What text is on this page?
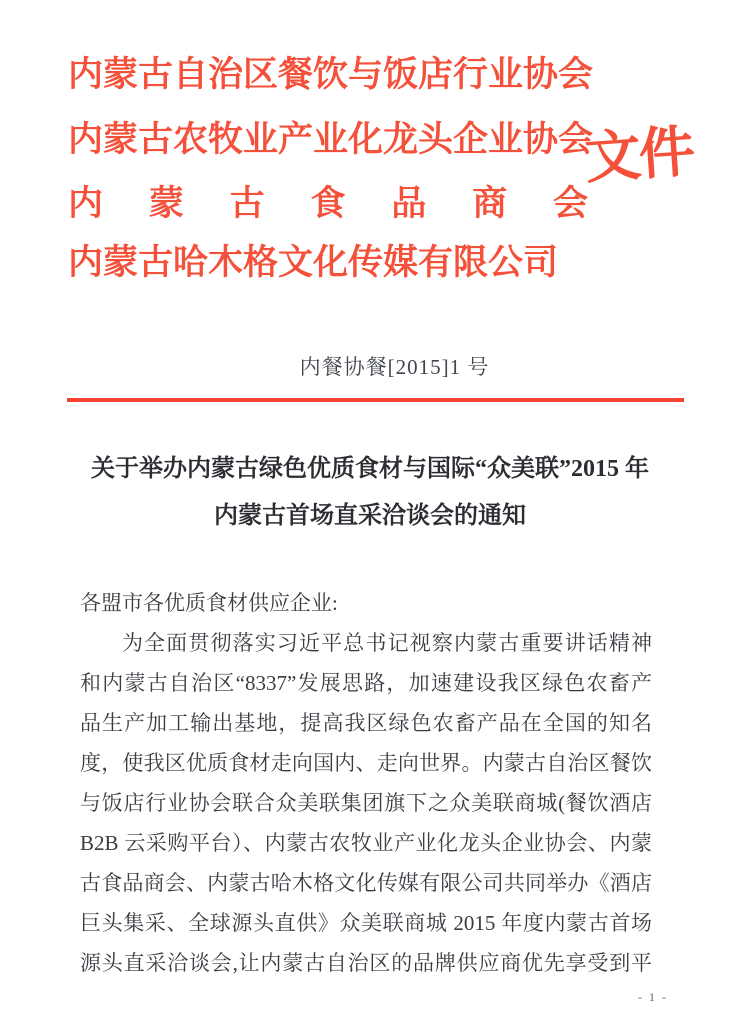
内蒙古自治区餐饮与饭店行业协会
内蒙古农牧业产业化龙头企业协会
内蒙古食品商会
内蒙古哈木格文化传媒有限公司
文件
内餐协餐[2015]1 号
关于举办内蒙古绿色优质食材与国际“众美联”2015 年
内蒙古首场直采洽谈会的通知
各盟市各优质食材供应企业:
为全面贯彻落实习近平总书记视察内蒙古重要讲话精神
和内蒙古自治区“8337”发展思路，加速建设我区绿色农畜产
品生产加工输出基地，提高我区绿色农畜产品在全国的知名
度，使我区优质食材走向国内、走向世界。内蒙古自治区餐饮
与饭店行业协会联合众美联集团旗下之众美联商城(餐饮酒店
B2B 云采购平台）、内蒙古农牧业产业化龙头企业协会、内蒙
古食品商会、内蒙古哈木格文化传媒有限公司共同举办《酒店
巨头集采、全球源头直供》众美联商城 2015 年度内蒙古首场
源头直采洽谈会,让内蒙古自治区的品牌供应商优先享受到平
- 1 -
